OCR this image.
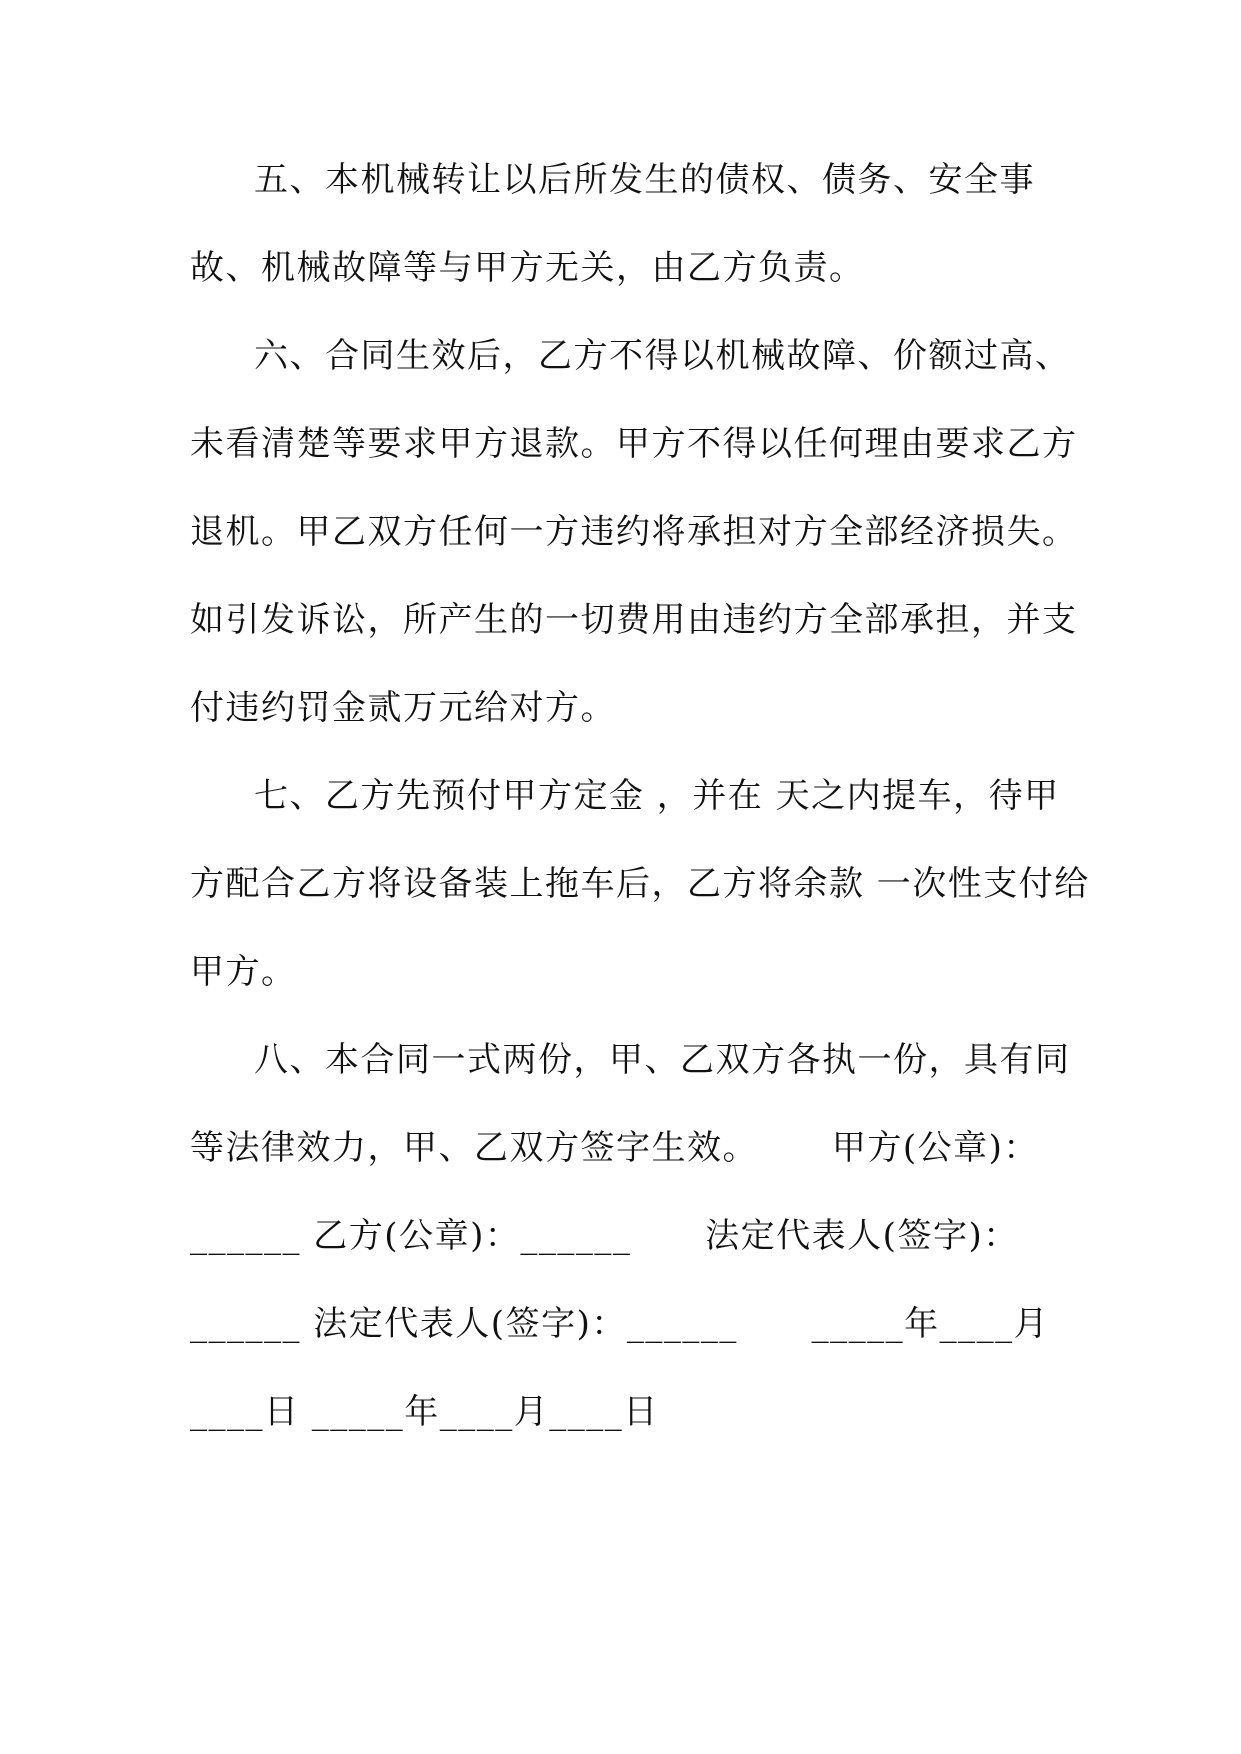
五、本机械转让以后所发生的债权、债务、安全事
故、机械故障等与甲方无关，由乙方负责。
六、合同生效后，乙方不得以机械故障、价额过高、
未看清楚等要求甲方退款。甲方不得以任何理由要求乙方
退机。甲乙双方任何一方违约将承担对方全部经济损失。
如引发诉讼，所产生的一切费用由违约方全部承担，并支
付违约罚金贰万元给对方。
七、乙方先预付甲方定金 ，并在 天之内提车，待甲
方配合乙方将设备装上拖车后，乙方将余款 一次性支付给
甲方。
八、本合同一式两份，甲、乙双方各执一份，具有同
等法律效力，甲、乙双方签字生效。      甲方(公章)：
______ 乙方(公章)：______      法定代表人(签字)：
______ 法定代表人(签字)：______      _____年____月
____日 _____年____月____日
